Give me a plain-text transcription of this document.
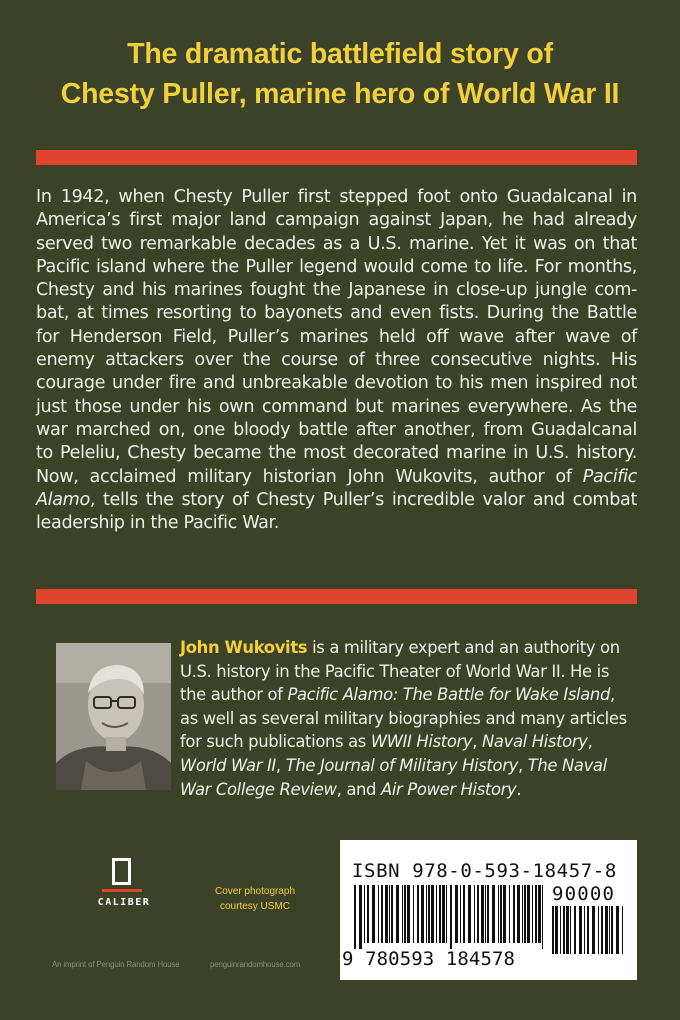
The dramatic battlefield story of
Chesty Puller, marine hero of World War II
In 1942, when Chesty Puller first stepped foot onto Guadalcanal in
America’s first major land campaign against Japan, he had already
served two remarkable decades as a U.S. marine. Yet it was on that
Pacific island where the Puller legend would come to life. For months,
Chesty and his marines fought the Japanese in close-up jungle com-
bat, at times resorting to bayonets and even fists. During the Battle
for Henderson Field, Puller’s marines held off wave after wave of
enemy attackers over the course of three consecutive nights. His
courage under fire and unbreakable devotion to his men inspired not
just those under his own command but marines everywhere. As the
war marched on, one bloody battle after another, from Guadalcanal
to Peleliu, Chesty became the most decorated marine in U.S. history.
Now, acclaimed military historian John Wukovits, author of Pacific
Alamo, tells the story of Chesty Puller’s incredible valor and combat
leadership in the Pacific War.
John Wukovits is a military expert and an authority on
U.S. history in the Pacific Theater of World War II. He is
the author of Pacific Alamo: The Battle for Wake Island,
as well as several military biographies and many articles
for such publications as WWII History, Naval History,
World War II, The Journal of Military History, The Naval
War College Review, and Air Power History.
CALIBER
Cover photograph
courtesy USMC
An imprint of Penguin Random House	penguinrandomhouse.com
ISBN 978-0-593-18457-8
90000
9 780593 184578
